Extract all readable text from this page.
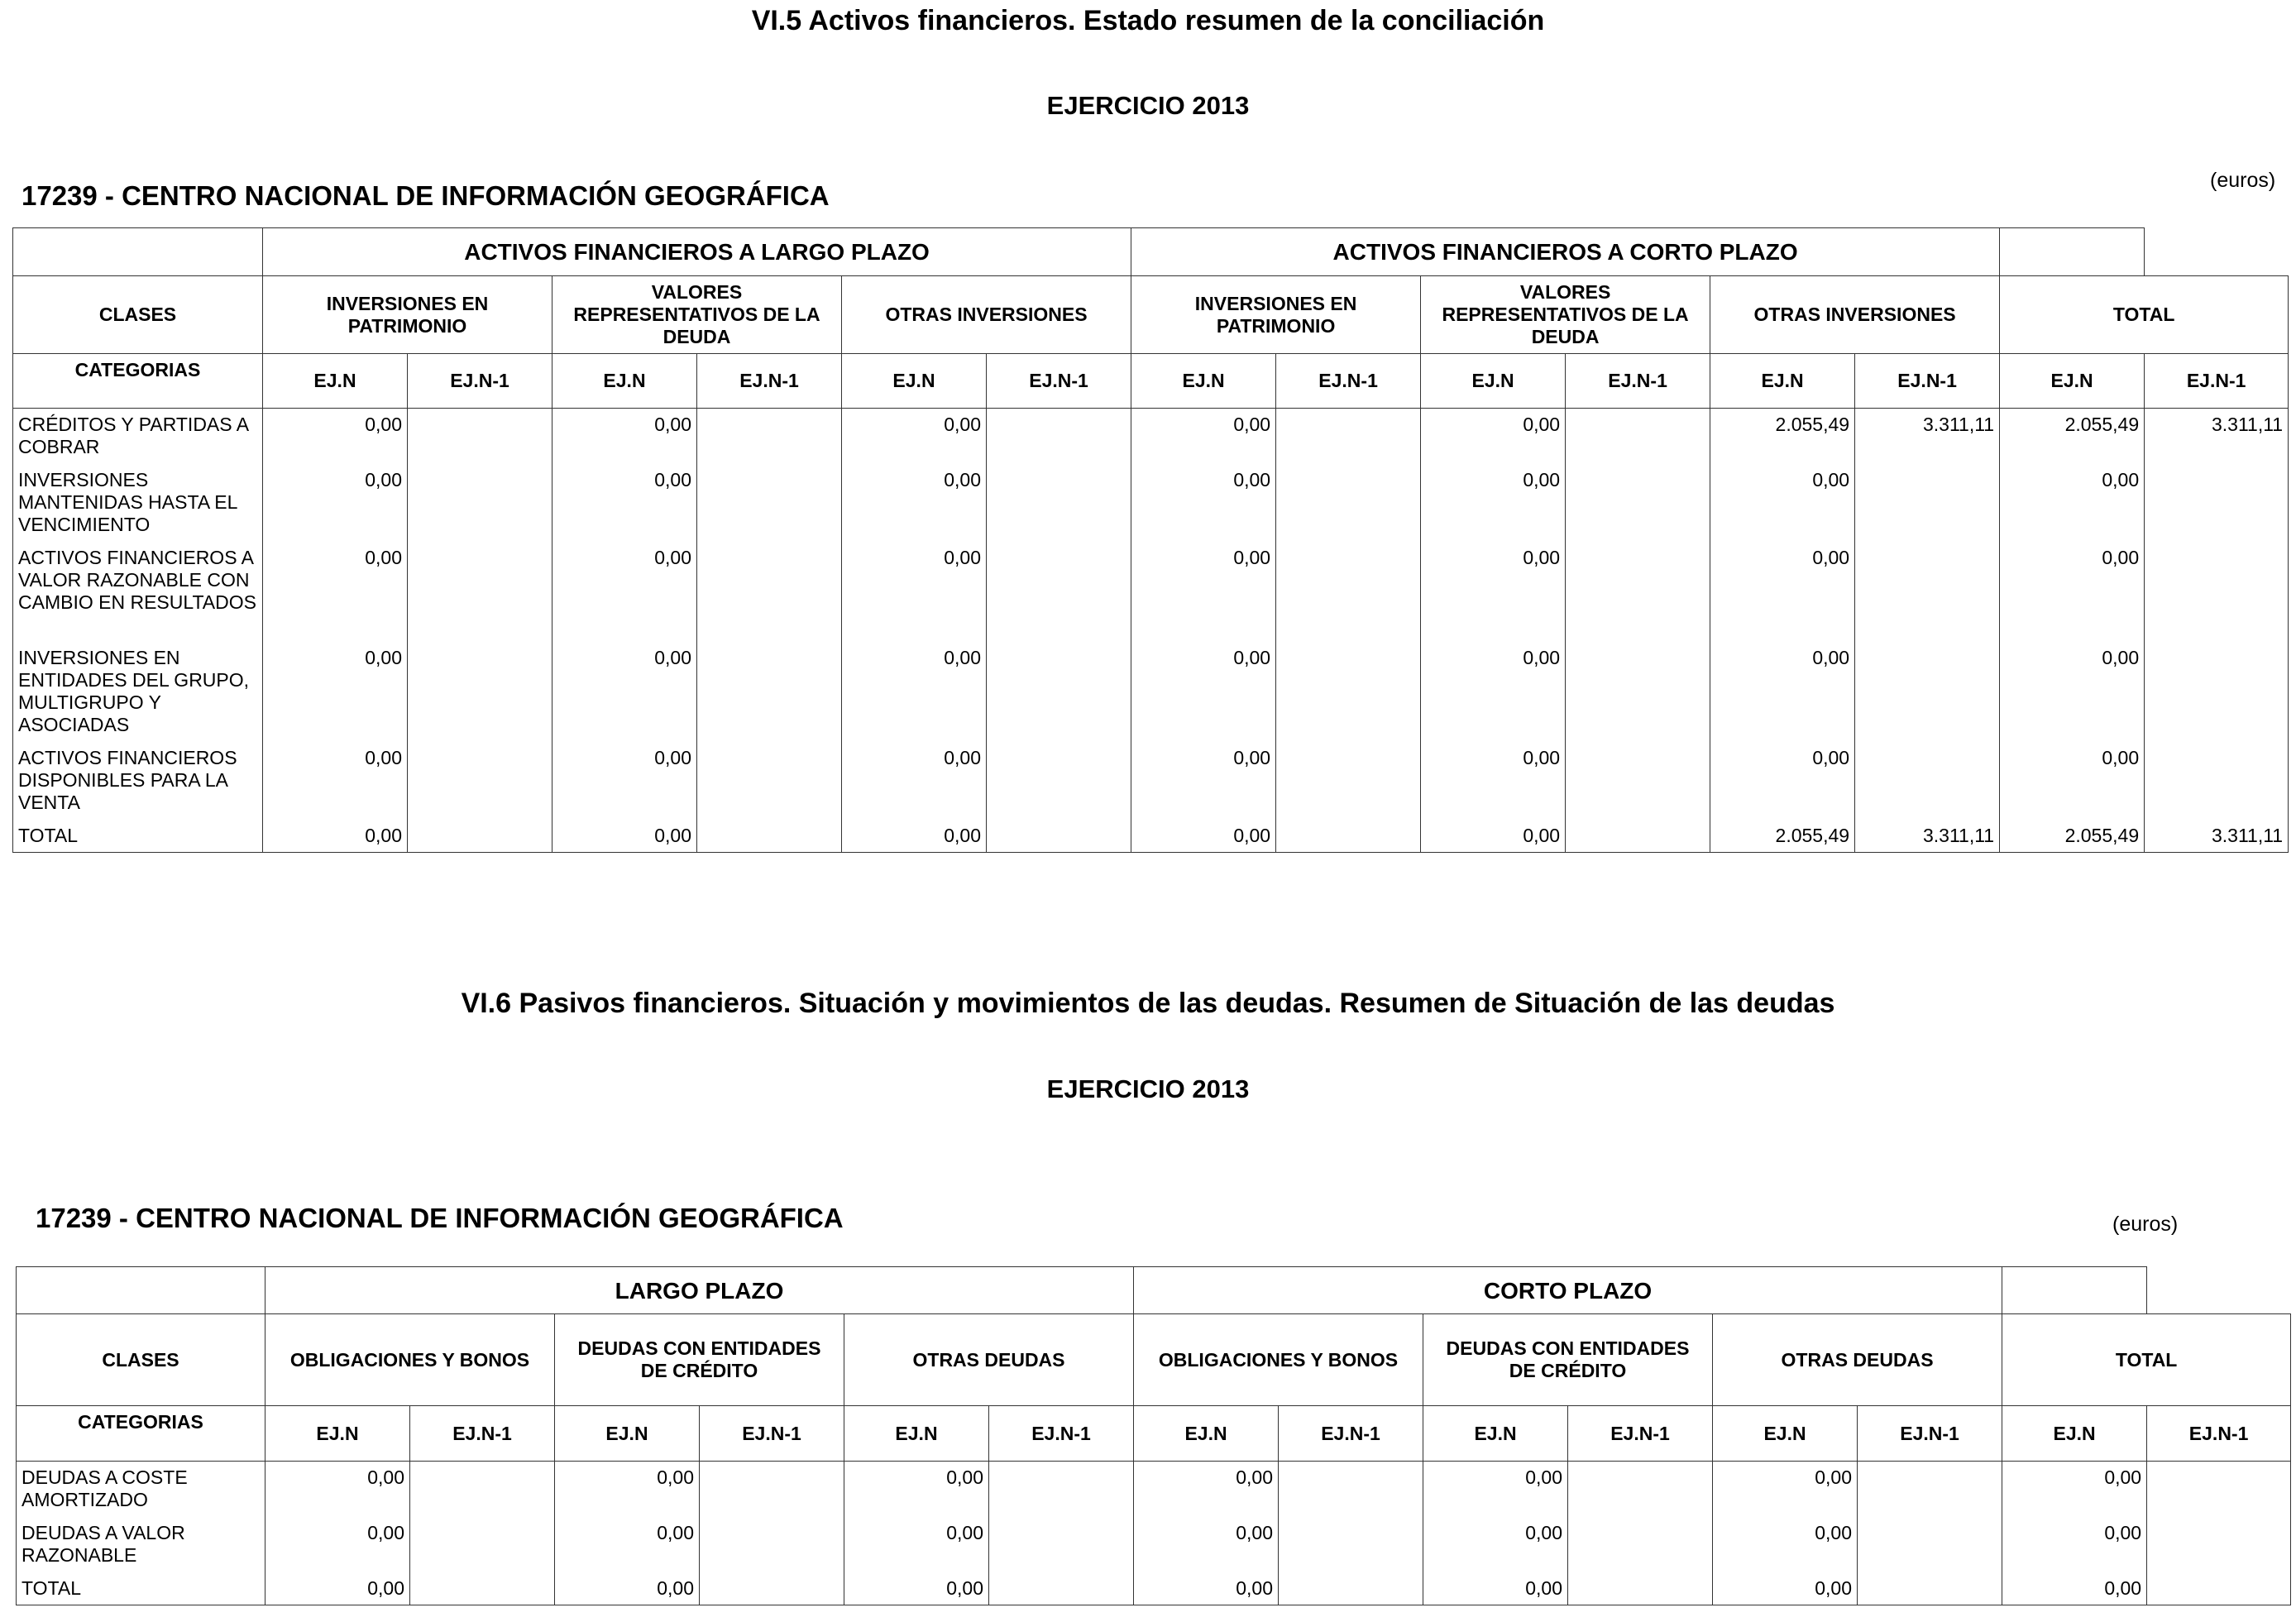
VI.5 Activos financieros. Estado resumen de la conciliación
EJERCICIO 2013
17239 - CENTRO NACIONAL DE INFORMACIÓN GEOGRÁFICA	(euros)
	ACTIVOS FINANCIEROS A LARGO PLAZO						ACTIVOS FINANCIEROS A CORTO PLAZO							
CLASES	INVERSIONES EN PATRIMONIO		VALORES REPRESENTATIVOS DE LA DEUDA		OTRAS INVERSIONES		INVERSIONES EN PATRIMONIO		VALORES REPRESENTATIVOS DE LA DEUDA		OTRAS INVERSIONES		TOTAL	
CATEGORIAS	EJ.N	EJ.N-1	EJ.N	EJ.N-1	EJ.N	EJ.N-1	EJ.N	EJ.N-1	EJ.N	EJ.N-1	EJ.N	EJ.N-1	EJ.N	EJ.N-1
CRÉDITOS Y PARTIDAS A COBRAR	0,00		0,00		0,00		0,00		0,00		2.055,49	3.311,11	2.055,49	3.311,11
INVERSIONES MANTENIDAS HASTA EL VENCIMIENTO	0,00		0,00		0,00		0,00		0,00		0,00		0,00	
ACTIVOS FINANCIEROS A VALOR RAZONABLE CON CAMBIO EN RESULTADOS	0,00		0,00		0,00		0,00		0,00		0,00		0,00	
INVERSIONES EN ENTIDADES DEL GRUPO, MULTIGRUPO Y ASOCIADAS	0,00		0,00		0,00		0,00		0,00		0,00		0,00	
ACTIVOS FINANCIEROS DISPONIBLES PARA LA VENTA	0,00		0,00		0,00		0,00		0,00		0,00		0,00	
TOTAL	0,00		0,00		0,00		0,00		0,00		2.055,49	3.311,11	2.055,49	3.311,11
VI.6 Pasivos financieros. Situación y movimientos de las deudas. Resumen de Situación de las deudas
EJERCICIO 2013
17239 - CENTRO NACIONAL DE INFORMACIÓN GEOGRÁFICA	(euros)
	LARGO PLAZO						CORTO PLAZO							
CLASES	OBLIGACIONES Y BONOS		DEUDAS CON ENTIDADES DE CRÉDITO		OTRAS DEUDAS		OBLIGACIONES Y BONOS		DEUDAS CON ENTIDADES DE CRÉDITO		OTRAS DEUDAS		TOTAL	
CATEGORIAS	EJ.N	EJ.N-1	EJ.N	EJ.N-1	EJ.N	EJ.N-1	EJ.N	EJ.N-1	EJ.N	EJ.N-1	EJ.N	EJ.N-1	EJ.N	EJ.N-1
DEUDAS A COSTE AMORTIZADO	0,00		0,00		0,00		0,00		0,00		0,00		0,00	
DEUDAS A VALOR RAZONABLE	0,00		0,00		0,00		0,00		0,00		0,00		0,00	
TOTAL	0,00		0,00		0,00		0,00		0,00		0,00		0,00	
